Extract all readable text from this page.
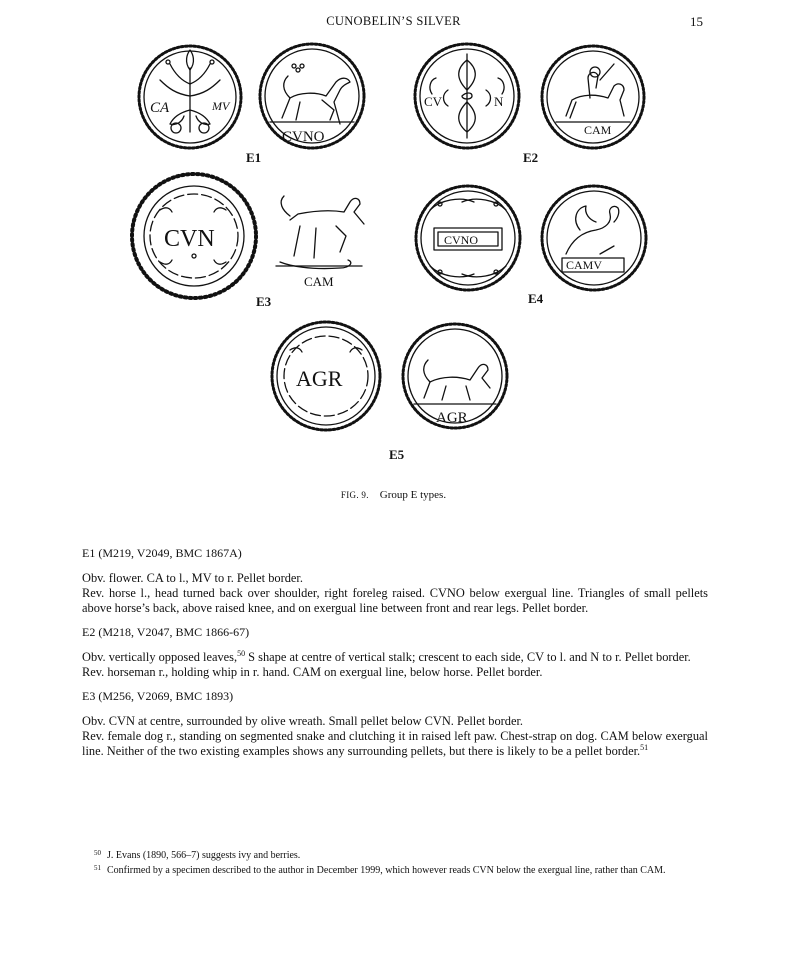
CUNOBELIN’S SILVER	15
CA	MV
CVNO
CV	N
CAM
CVN
CAM
CVNO
CAMV
AGR
AGR
E1	E2
E3	E4
E5
FIG. 9. Group E types.
E1 (M219, V2049, BMC 1867A)

Obv. flower. CA to l., MV to r. Pellet border.

Rev. horse l., head turned back over shoulder, right foreleg raised. CVNO below exergual line. Triangles of small pellets above horse’s back, above raised knee, and on exergual line between front and rear legs. Pellet border.

E2 (M218, V2047, BMC 1866-67)

Obv. vertically opposed leaves,$^{50}$ S shape at centre of vertical stalk; crescent to each side, CV to l. and N to r. Pellet border.

Rev. horseman r., holding whip in r. hand. CAM on exergual line, below horse. Pellet border.

E3 (M256, V2069, BMC 1893)

Obv. CVN at centre, surrounded by olive wreath. Small pellet below CVN. Pellet border.

Rev. female dog r., standing on segmented snake and clutching it in raised left paw. Chest-strap on dog. CAM below exergual line. Neither of the two existing examples shows any surrounding pellets, but there is likely to be a pellet border.$^{51}$

$^{50}$ J. Evans (1890, 566–7) suggests ivy and berries.

$^{51}$ Confirmed by a specimen described to the author in December 1999, which however reads CVN below the exergual line, rather than CAM.
